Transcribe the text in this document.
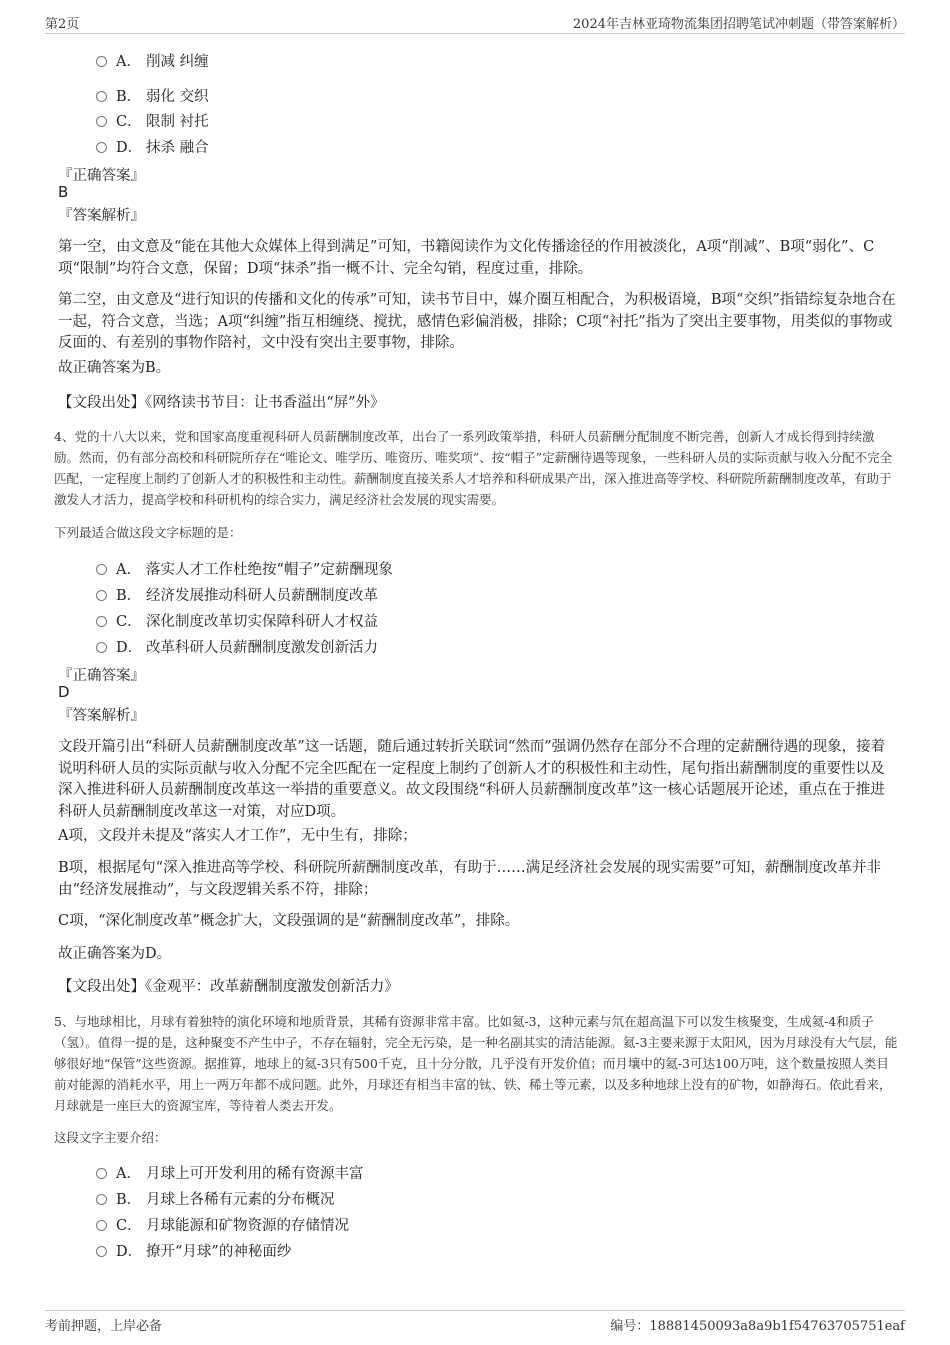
第2页	2024年吉林亚琦物流集团招聘笔试冲刺题（带答案解析）
A． 削减 纠缠
B． 弱化 交织
C． 限制 衬托
D． 抹杀 融合
『正确答案』
B
『答案解析』
第一空，由文意及“能在其他大众媒体上得到满足”可知，书籍阅读作为文化传播途径的作用被淡化，A项“削减”、B项“弱化”、C项“限制”均符合文意，保留；D项“抹杀”指一概不计、完全勾销，程度过重，排除。
第二空，由文意及“进行知识的传播和文化的传承”可知，读书节目中，媒介圈互相配合，为积极语境，B项“交织”指错综复杂地合在一起，符合文意，当选；A项“纠缠”指互相缠绕、搅扰，感情色彩偏消极，排除；C项“衬托”指为了突出主要事物，用类似的事物或反面的、有差别的事物作陪衬，文中没有突出主要事物，排除。
故正确答案为B。
【文段出处】《网络读书节目：让书香溢出“屏”外》
4、党的十八大以来，党和国家高度重视科研人员薪酬制度改革，出台了一系列政策举措，科研人员薪酬分配制度不断完善，创新人才成长得到持续激励。然而，仍有部分高校和科研院所存在“唯论文、唯学历、唯资历、唯奖项”、按“帽子”定薪酬待遇等现象，一些科研人员的实际贡献与收入分配不完全匹配，一定程度上制约了创新人才的积极性和主动性。薪酬制度直接关系人才培养和科研成果产出，深入推进高等学校、科研院所薪酬制度改革，有助于激发人才活力，提高学校和科研机构的综合实力，满足经济社会发展的现实需要。
下列最适合做这段文字标题的是：
A． 落实人才工作杜绝按“帽子”定薪酬现象
B． 经济发展推动科研人员薪酬制度改革
C． 深化制度改革切实保障科研人才权益
D． 改革科研人员薪酬制度激发创新活力
『正确答案』
D
『答案解析』
文段开篇引出“科研人员薪酬制度改革”这一话题，随后通过转折关联词“然而”强调仍然存在部分不合理的定薪酬待遇的现象，接着说明科研人员的实际贡献与收入分配不完全匹配在一定程度上制约了创新人才的积极性和主动性，尾句指出薪酬制度的重要性以及深入推进科研人员薪酬制度改革这一举措的重要意义。故文段围绕“科研人员薪酬制度改革”这一核心话题展开论述，重点在于推进科研人员薪酬制度改革这一对策，对应D项。
A项，文段并未提及“落实人才工作”，无中生有，排除；
B项，根据尾句“深入推进高等学校、科研院所薪酬制度改革，有助于……满足经济社会发展的现实需要”可知，薪酬制度改革并非由“经济发展推动”，与文段逻辑关系不符，排除；
C项，“深化制度改革”概念扩大，文段强调的是“薪酬制度改革”，排除。
故正确答案为D。
【文段出处】《金观平：改革薪酬制度激发创新活力》
5、与地球相比，月球有着独特的演化环境和地质背景，其稀有资源非常丰富。比如氦-3，这种元素与氘在超高温下可以发生核聚变，生成氦-4和质子（氢）。值得一提的是，这种聚变不产生中子，不存在辐射，完全无污染，是一种名副其实的清洁能源。氦-3主要来源于太阳风，因为月球没有大气层，能够很好地“保管”这些资源。据推算，地球上的氦-3只有500千克，且十分分散，几乎没有开发价值；而月壤中的氦-3可达100万吨，这个数量按照人类目前对能源的消耗水平，用上一两万年都不成问题。此外，月球还有相当丰富的钛、铁、稀土等元素，以及多种地球上没有的矿物，如静海石。依此看来，月球就是一座巨大的资源宝库，等待着人类去开发。
这段文字主要介绍：
A． 月球上可开发利用的稀有资源丰富
B． 月球上各稀有元素的分布概况
C． 月球能源和矿物资源的存储情况
D． 撩开“月球”的神秘面纱
考前押题，上岸必备	编号：18881450093a8a9b1f54763705751eaf
